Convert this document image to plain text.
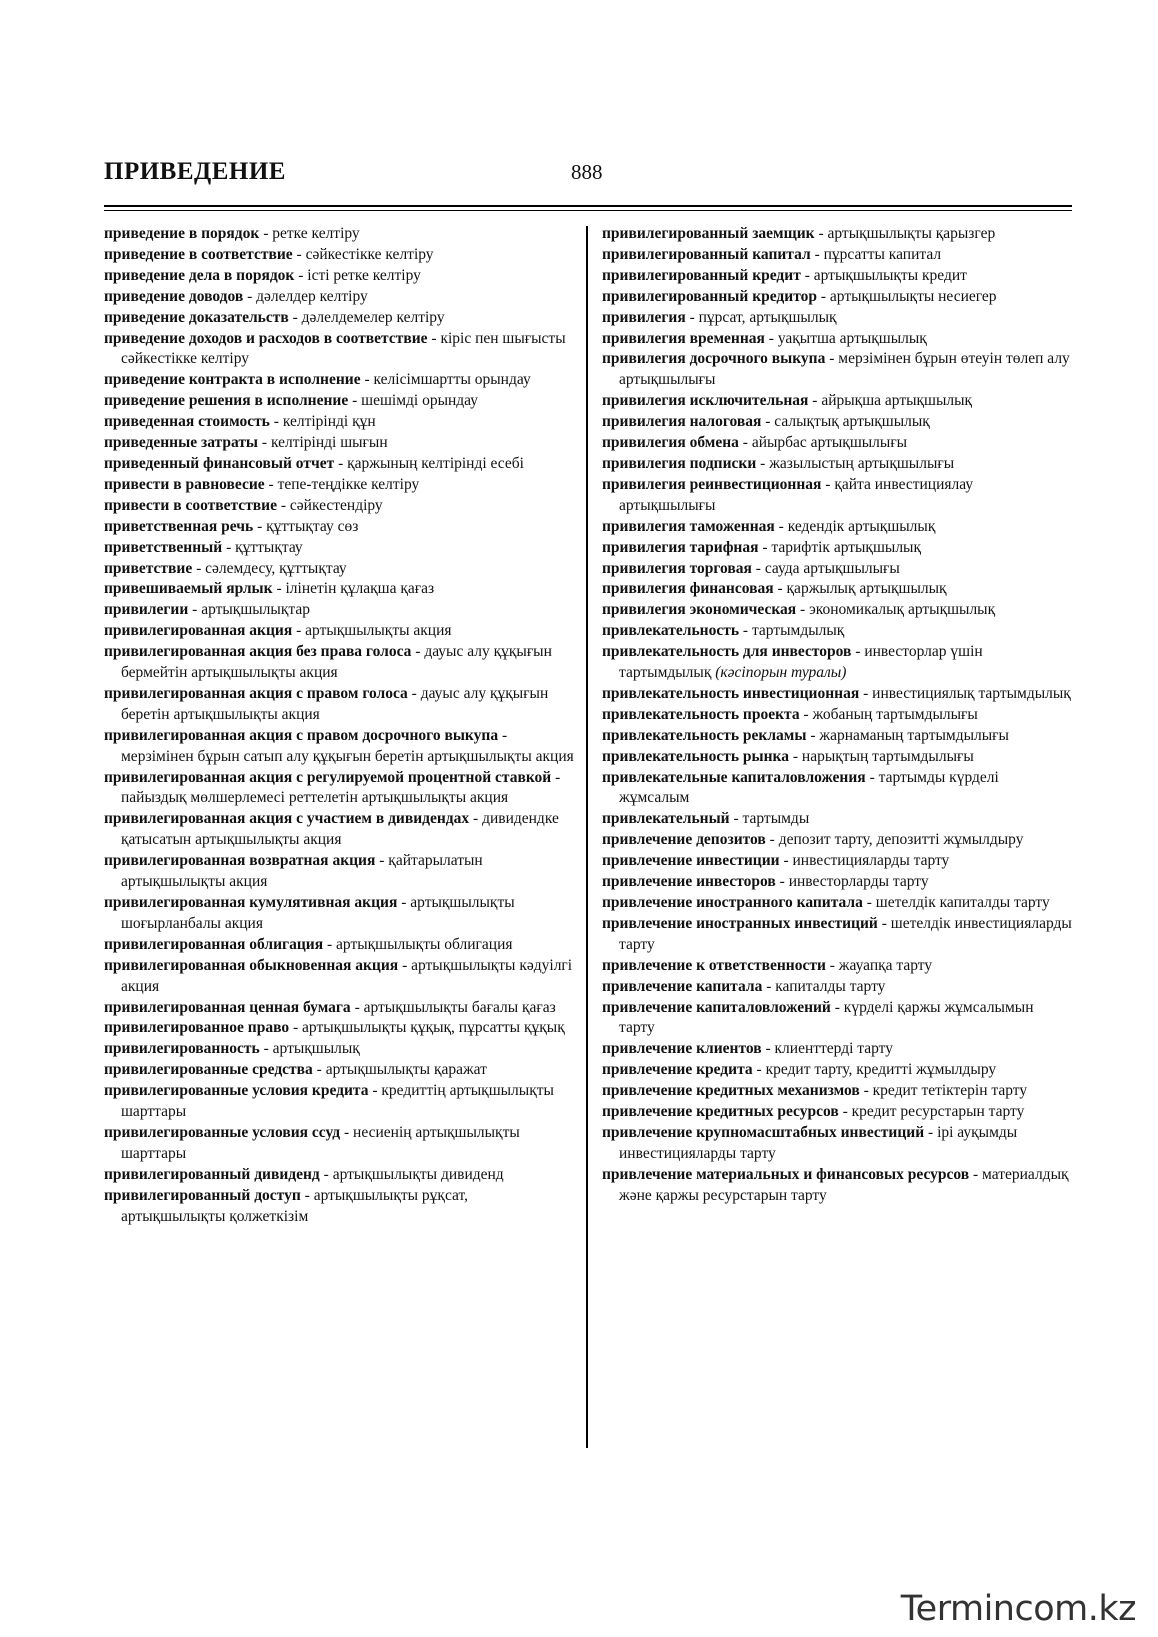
ПРИВЕДЕНИЕ	888

приведение в порядок - ретке келтіру

приведение в соответствие - сәйкестікке келтіру

приведение дела в порядок - істі ретке келтіру

приведение доводов - дәлелдер келтіру

приведение доказательств - дәлелдемелер келтіру

приведение доходов и расходов в соответствие - кіріс пен шығысты сәйкестікке келтіру

приведение контракта в исполнение - келісімшартты орындау

приведение решения в исполнение - шешімді орындау

приведенная стоимость - келтірінді құн

приведенные затраты - келтірінді шығын

приведенный финансовый отчет - қаржының келтірінді есебі

привести в равновесие - тепе-теңдікке келтіру

привести в соответствие - сәйкестендіру

приветственная речь - құттықтау сөз

приветственный - құттықтау

приветствие - сәлемдесу, құттықтау

привешиваемый ярлык - ілінетін құлақша қағаз

привилегии - артықшылықтар

привилегированная акция - артықшылықты акция

привилегированная акция без права голоса - дауыс алу құқығын бермейтін артықшылықты акция

привилегированная акция с правом голоса - дауыс алу құқығын беретін артықшылықты акция

привилегированная акция с правом досрочного выкупа - мерзімінен бұрын сатып алу құқығын беретін артықшылықты акция

привилегированная акция с регулируемой процентной ставкой - пайыздық мөлшерлемесі реттелетін артықшылықты акция

привилегированная акция с участием в дивидендах - дивидендке қатысатын артықшылықты акция

привилегированная возвратная акция - қайтарылатын артықшылықты акция

привилегированная кумулятивная акция - артықшылықты шоғырланбалы акция

привилегированная облигация - артықшылықты облигация

привилегированная обыкновенная акция - артықшылықты кәдуілгі акция

привилегированная ценная бумага - артықшылықты бағалы қағаз

привилегированное право - артықшылықты құқық, пұрсатты құқық

привилегированность - артықшылық

привилегированные средства - артықшылықты қаражат

привилегированные условия кредита - кредиттің артықшылықты шарттары

привилегированные условия ссуд - несиенің артықшылықты шарттары

привилегированный дивиденд - артықшылықты дивиденд

привилегированный доступ - артықшылықты рұқсат, артықшылықты қолжеткізім

привилегированный заемщик - артықшылықты қарызгер

привилегированный капитал - пұрсатты капитал

привилегированный кредит - артықшылықты кредит

привилегированный кредитор - артықшылықты несиегер

привилегия - пұрсат, артықшылық

привилегия временная - уақытша артықшылық

привилегия досрочного выкупа - мерзімінен бұрын өтеуін төлеп алу артықшылығы

привилегия исключительная - айрықша артықшылық

привилегия налоговая - салықтық артықшылық

привилегия обмена - айырбас артықшылығы

привилегия подписки - жазылыстың артықшылығы

привилегия реинвестиционная - қайта инвестициялау артықшылығы

привилегия таможенная - кедендік артықшылық

привилегия тарифная - тарифтік артықшылық

привилегия торговая - сауда артықшылығы

привилегия финансовая - қаржылық артықшылық

привилегия экономическая - экономикалық артықшылық

привлекательность - тартымдылық

привлекательность для инвесторов - инвесторлар үшін тартымдылық (кәсіпорын туралы)

привлекательность инвестиционная - инвестициялық тартымдылық

привлекательность проекта - жобаның тартымдылығы

привлекательность рекламы - жарнаманың тартымдылығы

привлекательность рынка - нарықтың тартымдылығы

привлекательные капиталовложения - тартымды күрделі жұмсалым

привлекательный - тартымды

привлечение депозитов - депозит тарту, депозитті жұмылдыру

привлечение инвестиции - инвестицияларды тарту

привлечение инвесторов - инвесторларды тарту

привлечение иностранного капитала - шетелдік капиталды тарту

привлечение иностранных инвестиций - шетелдік инвестицияларды тарту

привлечение к ответственности - жауапқа тарту

привлечение капитала - капиталды тарту

привлечение капиталовложений - күрделі қаржы жұмсалымын тарту

привлечение клиентов - клиенттерді тарту

привлечение кредита - кредит тарту, кредитті жұмылдыру

привлечение кредитных механизмов - кредит тетіктерін тарту

привлечение кредитных ресурсов - кредит ресурстарын тарту

привлечение крупномасштабных инвестиций - ірі ауқымды инвестицияларды тарту

привлечение материальных и финансовых ресурсов - материалдық және қаржы ресурстарын тарту

Termincom.kz
